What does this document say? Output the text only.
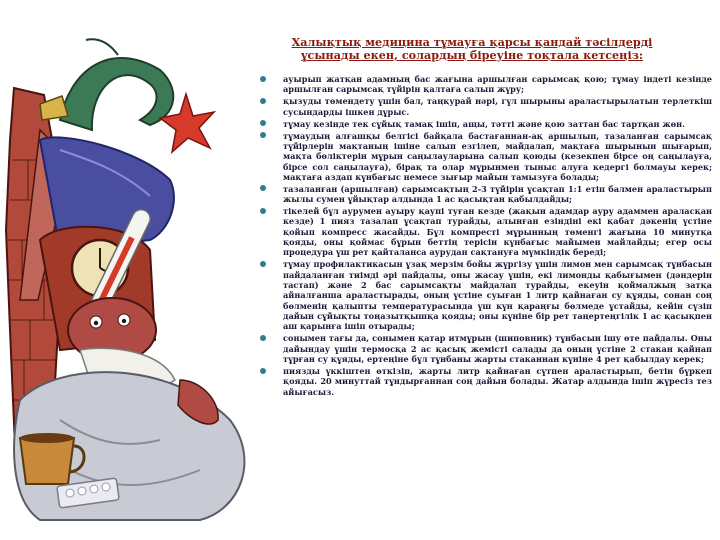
Халықтық медицина тұмауға қарсы қандай тәсілдерді ұсынады екен, солардың біреуіне тоқтала кетсеңіз:
ауырып жатқан адамның бас жағына аршылған сарымсақ қою; тұмау індеті кезінде аршылған сарымсақ түйірін қалтаға салып жүру;
қызуды төмендету үшін бал, таңқурай нәрі, гүл шырыны араластырылатын терлеткіш сусындарды ішкен дұрыс.
тұмау кезінде тек сұйық тамақ ішіп, ащы, тәтті және қою заттан бас тартқан жөн.
тұмаудың алғашқы белгісі байқала бастағаннан-ақ аршылып, тазаланған сарымсақ түйірлерін мақтаның ішіне салып езгілеп, майдалап, мақтаға шырынын шығарып, мақта бөліктерін мұрын саңылауларына салып қоюды (кезекпен бірсе оң саңылауға, бірсе сол саңылауға), бірақ та олар мұрынмен тыныс алуға кедергі болмауы керек; мақтаға аздап күнбағыс немесе зығыр майын тамызуға болады;
тазаланған (аршылған) сарымсақтың 2-3 түйірін ұсақтап 1:1 етіп балмен араластырып жылы сумен ұйықтар алдында 1 ас қасықтан қабылдайды;
тікелей бұл аурумен ауыру қаупі туған кезде (жақын адамдар ауру адаммен араласқан кезде) 1 пияз тазалап ұсақтап турайды, алынған езіндіні екі қабат дәкенің үстіне қойып компресс жасайды. Бұл компресті мұрынның төменгі жағына 10 минутқа қояды, оны қоймас бұрын беттің терісін күнбағыс майымен майлайды; егер осы процедура үш рет қайталанса аурудан сақтануға мүмкіндік береді;
тұмау профилактикасын ұзақ мерзім бойы жүргізу үшін лимон мен сарымсақ тұнбасын пайдаланған тиімді әрі пайдалы, оны жасау үшін, екі лимонды қабығымен (дәндерін тастап) және 2 бас сарымсақты майдалап турайды, екеуін қоймалжың затқа айналғанша араластырады, оның үстіне суыған 1 литр қайнаған су құяды, сонан соң бөлменің қалыпты температурасында үш күн қараңғы бөлмеде ұстайды, кейін сүзіп дайын сұйықты тоңазытқышқа қояды; оны күніне бір рет таңертеңгілік 1 ас қасықпен аш қарынға ішіп отырады;
сонымен тағы да, сонымен қатар итмұрын (шиповник) тұнбасын ішу өте пайдалы. Оны дайындау үшін термосқа 2 ас қасық жемісті салады да оның үстіне 2 стакан қайнап тұрған су құяды, ертеңіне бұл тұнбаны жарты стаканнан күніне 4 рет қабылдау керек;
пиязды үккіштен өткізіп, жарты литр қайнаған сүтпен араластырып, бетін бүркеп қояды. 20 минуттай тұндырғаннан соң дайын болады. Жатар алдында ішіп жүресіз тез айығасыз.
